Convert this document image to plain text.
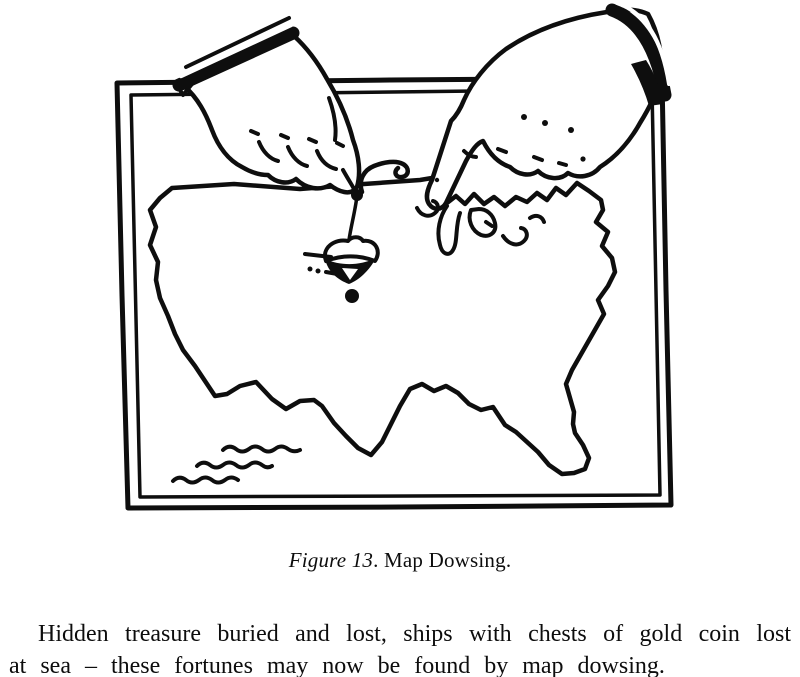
Figure 13. Map Dowsing.

Hidden treasure buried and lost, ships with chests of gold coin lost

at sea – these fortunes may now be found by map dowsing.
